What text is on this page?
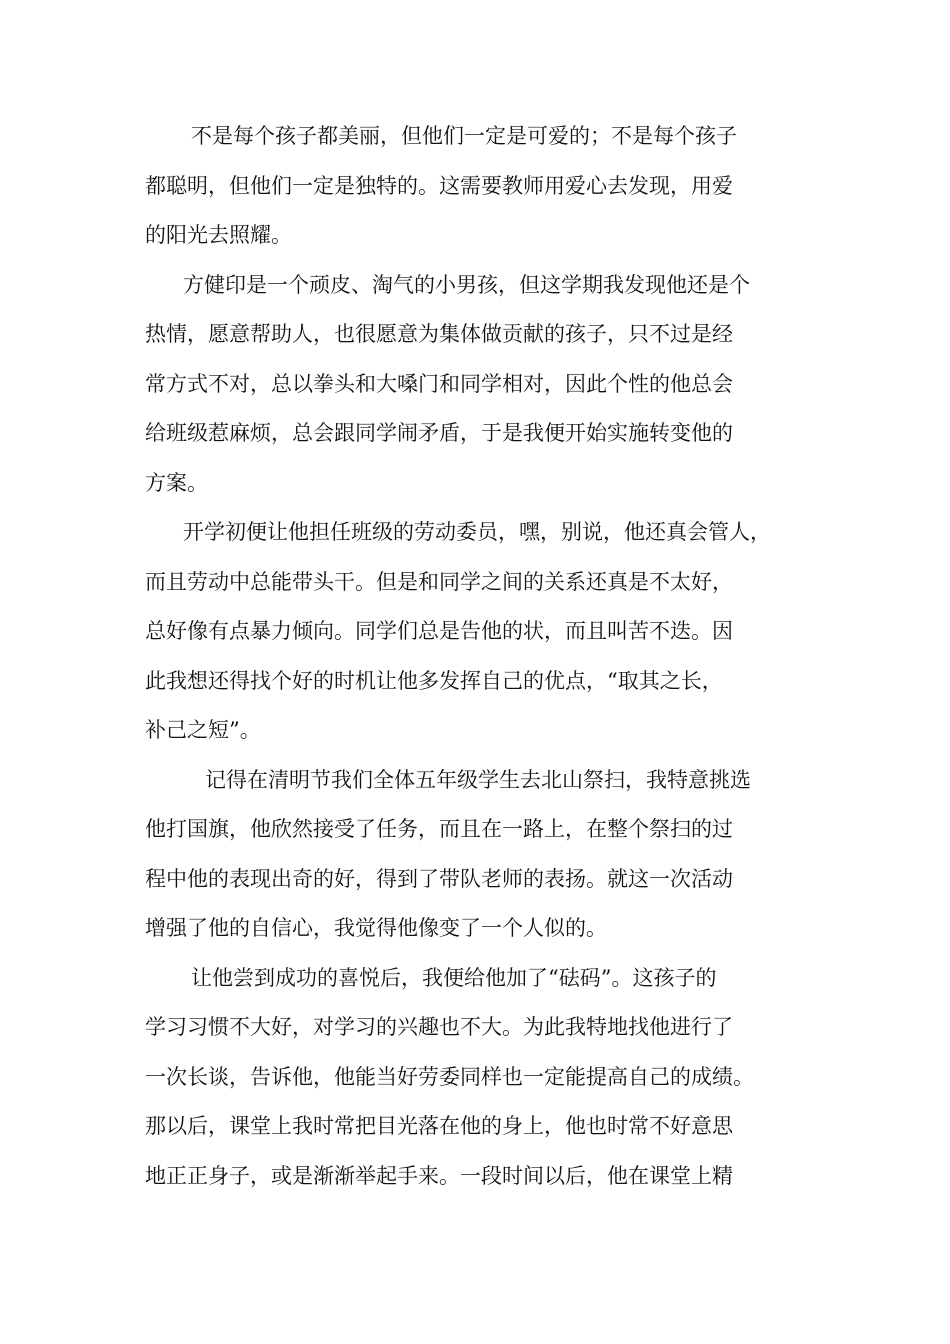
不是每个孩子都美丽，但他们一定是可爱的；不是每个孩子
都聪明，但他们一定是独特的。这需要教师用爱心去发现，用爱
的阳光去照耀。
方健印是一个顽皮、淘气的小男孩，但这学期我发现他还是个
热情，愿意帮助人，也很愿意为集体做贡献的孩子，只不过是经
常方式不对，总以拳头和大嗓门和同学相对，因此个性的他总会
给班级惹麻烦，总会跟同学闹矛盾，于是我便开始实施转变他的
方案。
开学初便让他担任班级的劳动委员，嘿，别说，他还真会管人，
而且劳动中总能带头干。但是和同学之间的关系还真是不太好，
总好像有点暴力倾向。同学们总是告他的状，而且叫苦不迭。因
此我想还得找个好的时机让他多发挥自己的优点，“取其之长，
补己之短”。
记得在清明节我们全体五年级学生去北山祭扫，我特意挑选
他打国旗，他欣然接受了任务，而且在一路上，在整个祭扫的过
程中他的表现出奇的好，得到了带队老师的表扬。就这一次活动
增强了他的自信心，我觉得他像变了一个人似的。
让他尝到成功的喜悦后，我便给他加了“砝码”。这孩子的
学习习惯不大好，对学习的兴趣也不大。为此我特地找他进行了
一次长谈，告诉他，他能当好劳委同样也一定能提高自己的成绩。
那以后，课堂上我时常把目光落在他的身上，他也时常不好意思
地正正身子，或是渐渐举起手来。一段时间以后，他在课堂上精
